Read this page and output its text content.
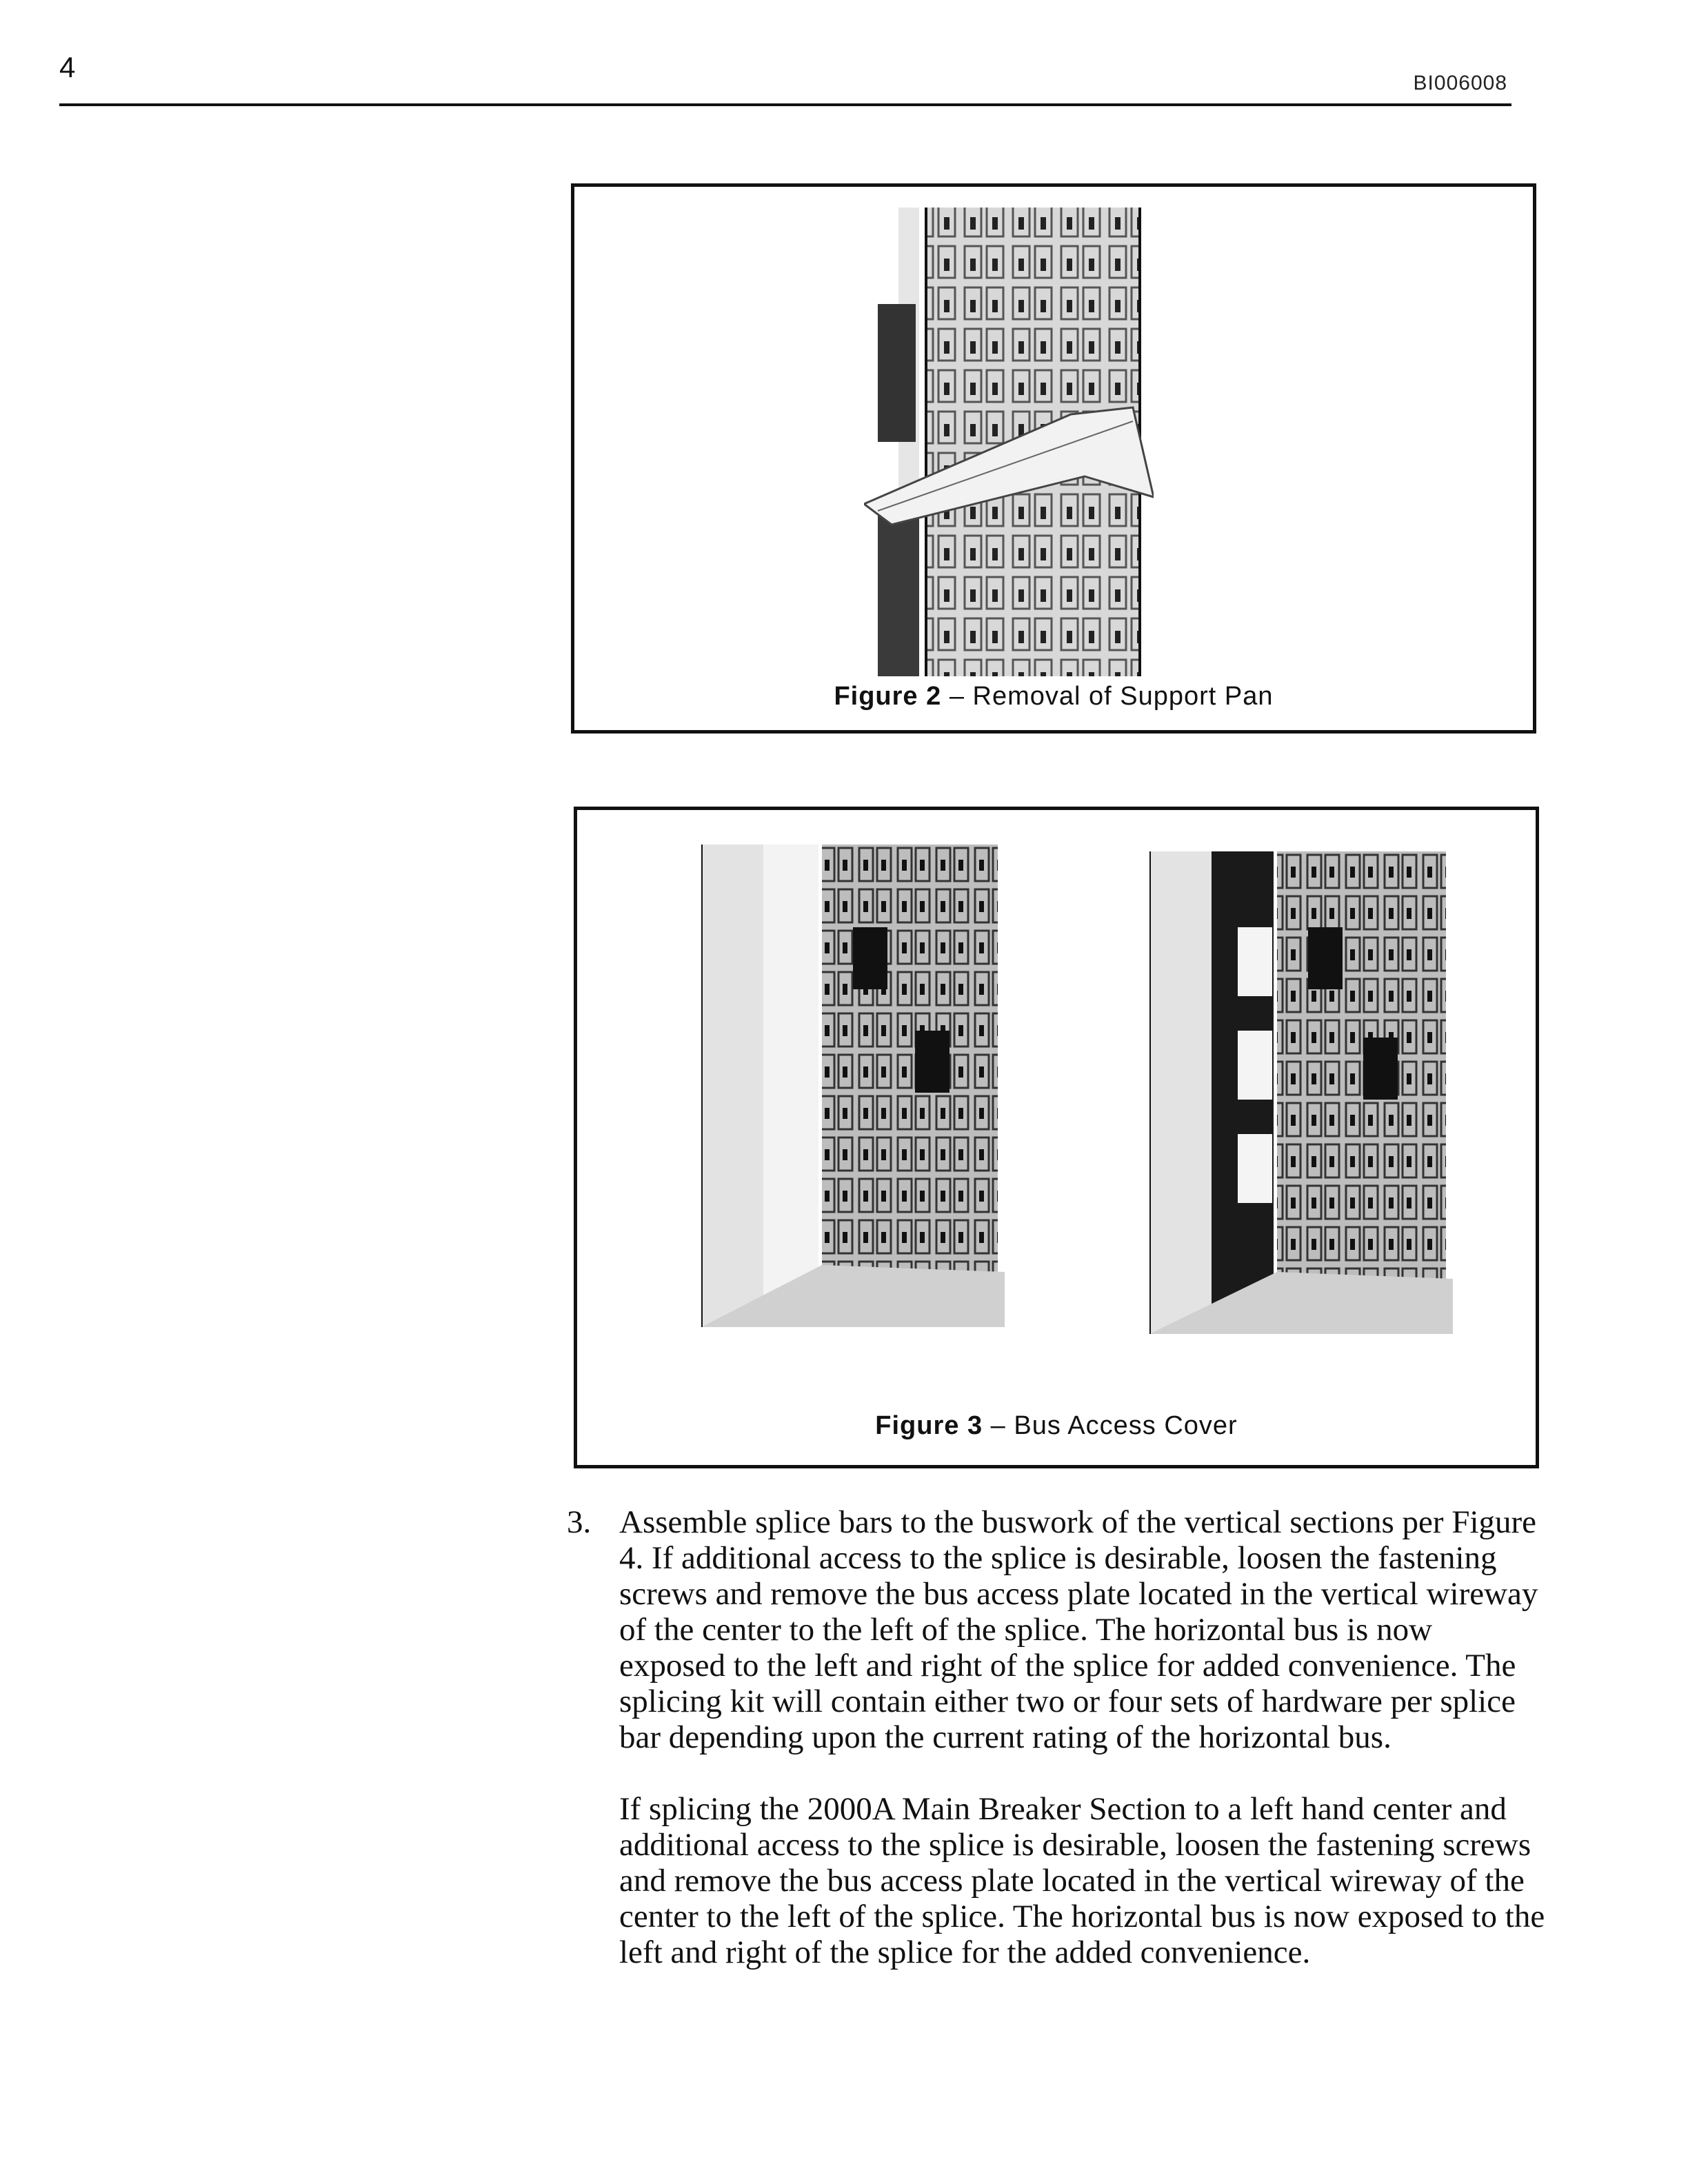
4	BI006008
Figure 2 – Removal of Support Pan
Figure 3 – Bus Access Cover
3. Assemble splice bars to the buswork of the vertical sections per Figure 4. If additional access to the splice is desirable, loosen the fastening screws and remove the bus access plate located in the vertical wireway of the center to the left of the splice. The horizontal bus is now exposed to the left and right of the splice for added convenience. The splicing kit will contain either two or four sets of hardware per splice bar depending upon the current rating of the horizontal bus.

If splicing the 2000A Main Breaker Section to a left hand center and additional access to the splice is desirable, loosen the fastening screws and remove the bus access plate located in the vertical wireway of the center to the left of the splice. The horizontal bus is now exposed to the left and right of the splice for the added convenience.
